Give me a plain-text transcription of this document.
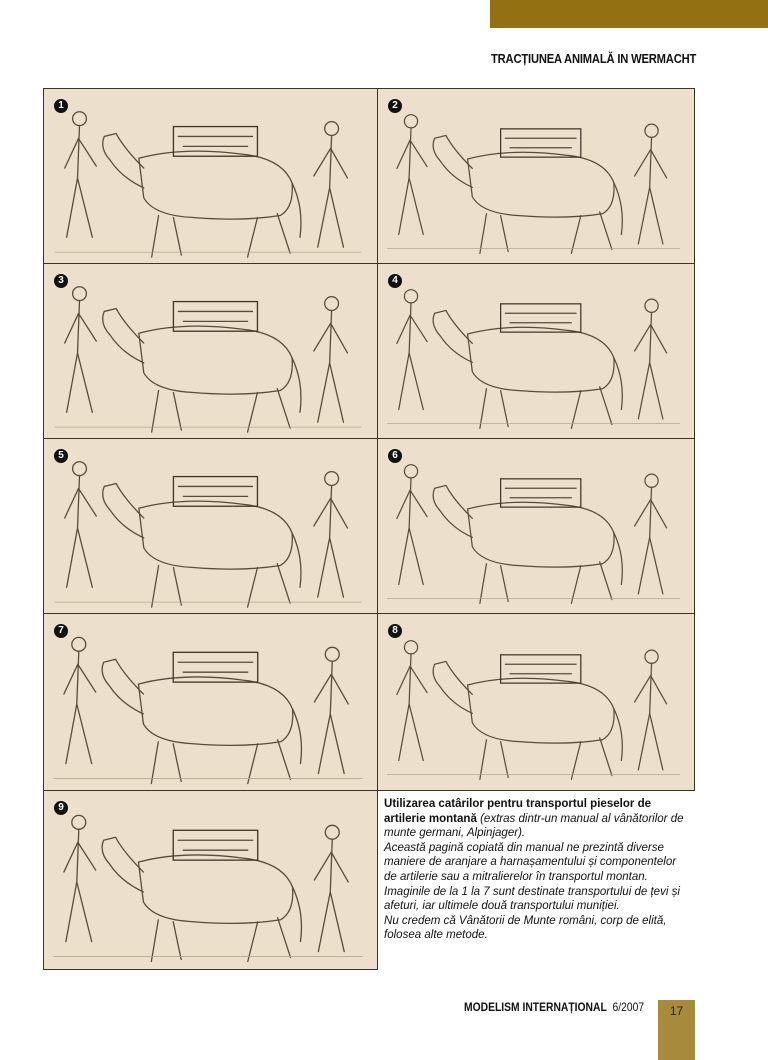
TRACȚIUNEA ANIMALĂ IN WERMACHT
1	2
3	4
5	6
7	8
9	Utilizarea catârilor pentru transportul pieselor de artilerie montană (extras dintr-un manual al vânătorilor de munte germani, Alpinjager).
Această pagină copiată din manual ne prezintă diverse maniere de aranjare a harnașamentului și componentelor de artilerie sau a mitralierelor în transportul montan. Imaginile de la 1 la 7 sunt destinate transportului de țevi și afeturi, iar ultimele două transportului muniției.
Nu credem că Vânătorii de Munte români, corp de elită, folosea alte metode.
MODELISM INTERNAȚIONAL 6/2007	17
